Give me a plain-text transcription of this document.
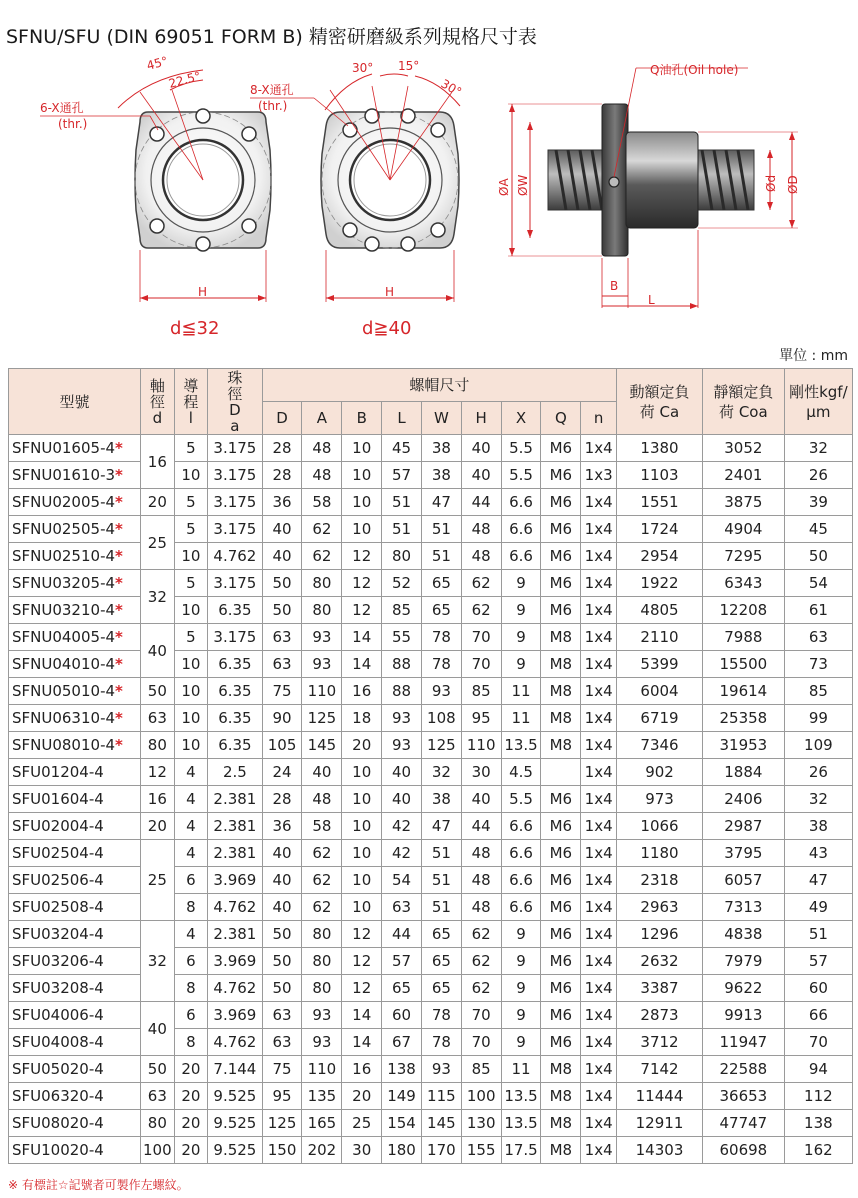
SFNU/SFU (DIN 69051 FORM B) 精密研磨級系列規格尺寸表
45°
22.5°
6-X通孔
(thr.)
H
d≦32
30° 15°
30°
8-X通孔
(thr.)
H
d≧40
Q油孔(Oil hole)
ØA ØW	Ød ØD
B
L
單位 : mm
型號	軸徑d	導程l	珠徑Da	螺帽尺寸									動額定負荷 Ca	靜額定負荷 Coa	剛性kgf/μm
				D	A	B	L	W	H	X	Q	n			
SFNU01605-4*	16	5	3.175	28	48	10	45	38	40	5.5	M6	1x4	1380	3052	32
SFNU01610-3*		10	3.175	28	48	10	57	38	40	5.5	M6	1x3	1103	2401	26
SFNU02005-4*	20	5	3.175	36	58	10	51	47	44	6.6	M6	1x4	1551	3875	39
SFNU02505-4*	25	5	3.175	40	62	10	51	51	48	6.6	M6	1x4	1724	4904	45
SFNU02510-4*		10	4.762	40	62	12	80	51	48	6.6	M6	1x4	2954	7295	50
SFNU03205-4*	32	5	3.175	50	80	12	52	65	62	9	M6	1x4	1922	6343	54
SFNU03210-4*		10	6.35	50	80	12	85	65	62	9	M6	1x4	4805	12208	61
SFNU04005-4*	40	5	3.175	63	93	14	55	78	70	9	M8	1x4	2110	7988	63
SFNU04010-4*		10	6.35	63	93	14	88	78	70	9	M8	1x4	5399	15500	73
SFNU05010-4*	50	10	6.35	75	110	16	88	93	85	11	M8	1x4	6004	19614	85
SFNU06310-4*	63	10	6.35	90	125	18	93	108	95	11	M8	1x4	6719	25358	99
SFNU08010-4*	80	10	6.35	105	145	20	93	125	110	13.5	M8	1x4	7346	31953	109
SFU01204-4	12	4	2.5	24	40	10	40	32	30	4.5		1x4	902	1884	26
SFU01604-4	16	4	2.381	28	48	10	40	38	40	5.5	M6	1x4	973	2406	32
SFU02004-4	20	4	2.381	36	58	10	42	47	44	6.6	M6	1x4	1066	2987	38
SFU02504-4	25	4	2.381	40	62	10	42	51	48	6.6	M6	1x4	1180	3795	43
SFU02506-4		6	3.969	40	62	10	54	51	48	6.6	M6	1x4	2318	6057	47
SFU02508-4		8	4.762	40	62	10	63	51	48	6.6	M6	1x4	2963	7313	49
SFU03204-4	32	4	2.381	50	80	12	44	65	62	9	M6	1x4	1296	4838	51
SFU03206-4		6	3.969	50	80	12	57	65	62	9	M6	1x4	2632	7979	57
SFU03208-4		8	4.762	50	80	12	65	65	62	9	M6	1x4	3387	9622	60
SFU04006-4	40	6	3.969	63	93	14	60	78	70	9	M6	1x4	2873	9913	66
SFU04008-4		8	4.762	63	93	14	67	78	70	9	M6	1x4	3712	11947	70
SFU05020-4	50	20	7.144	75	110	16	138	93	85	11	M8	1x4	7142	22588	94
SFU06320-4	63	20	9.525	95	135	20	149	115	100	13.5	M8	1x4	11444	36653	112
SFU08020-4	80	20	9.525	125	165	25	154	145	130	13.5	M8	1x4	12911	47747	138
SFU10020-4	100	20	9.525	150	202	30	180	170	155	17.5	M8	1x4	14303	60698	162
※ 有標註☆記號者可製作左螺紋。
